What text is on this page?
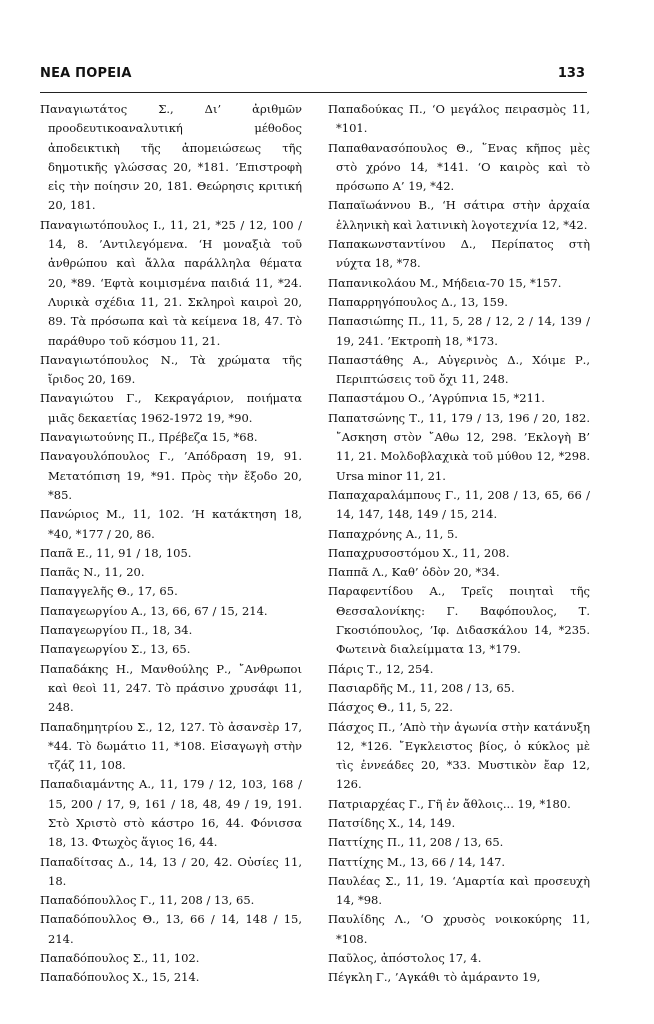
ΝΕΑ ΠΟΡΕΙΑ	133
Παναγιωτάτος Σ., Δι’ ἀριθμῶν προοδευτικοαναλυτική μέθοδος ἀποδεικτικὴ τῆς ἀπομειώσεως τῆς δημοτικῆς γλώσσας 20, *181. ’Επιστροφὴ εἰς τὴν ποίησιν 20, 181. Θεώρησις κριτική 20, 181.
Παναγιωτόπουλος Ι., 11, 21, *25 / 12, 100 / 14, 8. ’Αντιλεγόμενα. ‘Η μοναξιὰ τοῦ ἀνθρώπου καὶ ἄλλα παράλληλα θέματα 20, *89. ‘Εφτὰ κοιμισμένα παιδιά 11, *24. Λυρικὰ σχέδια 11, 21. Σκληροὶ καιροὶ 20, 89. Τὰ πρόσωπα καὶ τὰ κείμενα 18, 47. Τὸ παράθυρο τοῦ κόσμου 11, 21.
Παναγιωτόπουλος Ν., Τὰ χρώματα τῆς ἴριδος 20, 169.
Παναγιώτου Γ., Κεκραγάριον, ποιήματα μιᾶς δεκαετίας 1962-1972 19, *90.
Παναγιωτούνης Π., Πρέβεζα 15, *68.
Παναγουλόπουλος Γ., ’Απόδραση 19, 91. Μετατόπιση 19, *91. Πρὸς τὴν ἔξοδο 20, *85.
Πανώριος Μ., 11, 102. ‘Η κατάκτηση 18, *40, *177 / 20, 86.
Παπᾶ Ε., 11, 91 / 18, 105.
Παπᾶς Ν., 11, 20.
Παπαγγελῆς Θ., 17, 65.
Παπαγεωργίου Α., 13, 66, 67 / 15, 214.
Παπαγεωργίου Π., 18, 34.
Παπαγεωργίου Σ., 13, 65.
Παπαδάκης Η., Μανθούλης Ρ., ῎Ανθρωποι καὶ θεοὶ 11, 247. Τὸ πράσινο χρυσάφι 11, 248.
Παπαδημητρίου Σ., 12, 127. Τὸ ἀσανσὲρ 17, *44. Τὸ δωμάτιο 11, *108. Εἰσαγωγὴ στὴν τζάζ 11, 108.
Παπαδιαμάντης Α., 11, 179 / 12, 103, 168 / 15, 200 / 17, 9, 161 / 18, 48, 49 / 19, 191. Στὸ Χριστὸ στὸ κάστρο 16, 44. Φόνισσα 18, 13. Φτωχὸς ἅγιος 16, 44.
Παπαδίτσας Δ., 14, 13 / 20, 42. Οὐσίες 11, 18.
Παπαδόπουλλος Γ., 11, 208 / 13, 65.
Παπαδόπουλλος Θ., 13, 66 / 14, 148 / 15, 214.
Παπαδόπουλος Σ., 11, 102.
Παπαδόπουλος Χ., 15, 214.
Παπαδούκας Π., ‘Ο μεγάλος πειρασμὸς 11, *101.
Παπαθανασόπουλος Θ., ῞Ενας κῆπος μὲς στὸ χρόνο 14, *141. ‘Ο καιρὸς καὶ τὸ πρόσωπο Α’ 19, *42.
Παπαϊωάννου Β., ‘Η σάτιρα στὴν ἀρχαία ἑλληνικὴ καὶ λατινικὴ λογοτεχνία 12, *42.
Παπακωνσταντίνου Δ., Περίπατος στὴ νύχτα 18, *78.
Παπανικολάου Μ., Μήδεια-70 15, *157.
Παπαρρηγόπουλος Δ., 13, 159.
Παπασιώπης Π., 11, 5, 28 / 12, 2 / 14, 139 / 19, 241. ’Εκτροπὴ 18, *173.
Παπαστάθης Α., Αὐγερινὸς Δ., Χόιμε Ρ., Περιπτώσεις τοῦ ὄχι 11, 248.
Παπαστάμου Ο., ’Αγρύπνια 15, *211.
Παπατσώνης Τ., 11, 179 / 13, 196 / 20, 182. ῎Ασκηση στὸν ῎Αθω 12, 298. ’Εκλογὴ Β’ 11, 21. Μολδοβλαχικὰ τοῦ μύθου 12, *298. Ursa minor 11, 21.
Παπαχαραλάμπους Γ., 11, 208 / 13, 65, 66 / 14, 147, 148, 149 / 15, 214.
Παπαχρόνης Α., 11, 5.
Παπαχρυσοστόμου Χ., 11, 208.
Παππᾶ Λ., Καθ’ ὁδὸν 20, *34.
Παραφεντίδου Α., Τρεῖς ποιηταὶ τῆς Θεσσαλονίκης: Γ. Βαφόπουλος, Τ. Γκοσιόπουλος, ’Ιφ. Διδασκάλου 14, *235. Φωτεινὰ διαλείμματα 13, *179.
Πάρις Τ., 12, 254.
Πασιαρδῆς Μ., 11, 208 / 13, 65.
Πάσχος Θ., 11, 5, 22.
Πάσχος Π., ’Απὸ τὴν ἀγωνία στὴν κατάνυξη 12, *126. ῎Εγκλειστος βίος, ὁ κύκλος μὲ τὶς ἐννεάδες 20, *33. Μυστικὸν ἔαρ 12, 126.
Πατριαρχέας Γ., Γῆ ἐν ἄθλοις... 19, *180.
Πατσίδης Χ., 14, 149.
Παττίχης Π., 11, 208 / 13, 65.
Παττίχης Μ., 13, 66 / 14, 147.
Παυλέας Σ., 11, 19. ‘Αμαρτία καὶ προσευχὴ 14, *98.
Παυλίδης Λ., ‘Ο χρυσὸς νοικοκύρης 11, *108.
Παῦλος, ἀπόστολος 17, 4.
Πέγκλη Γ., ’Αγκάθι τὸ ἀμάραντο 19,
